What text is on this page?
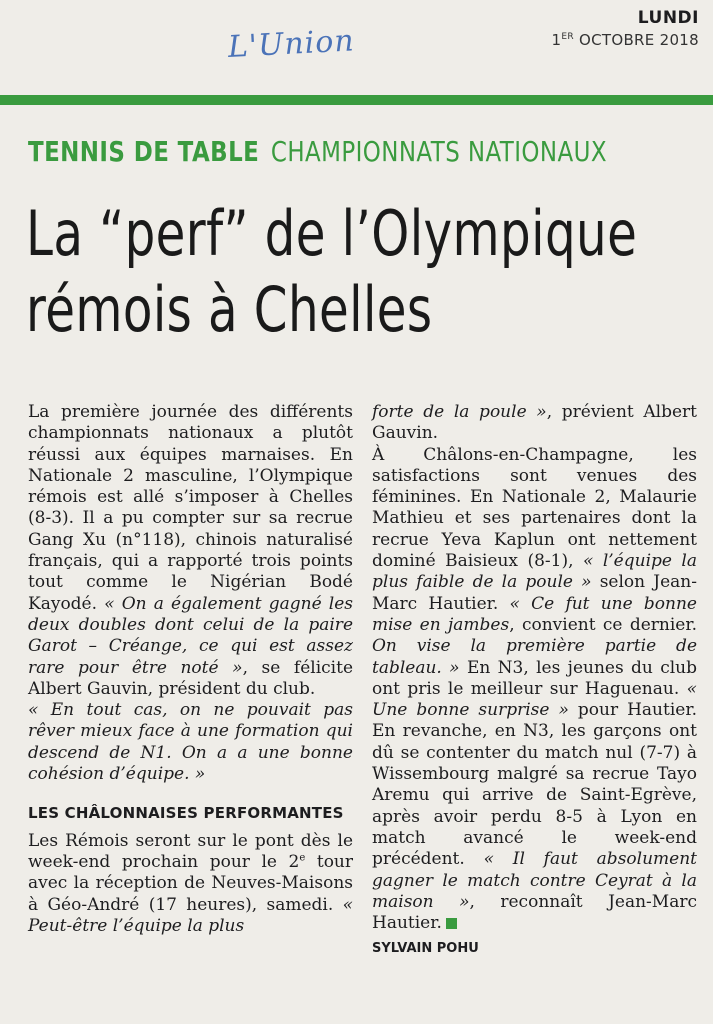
L'Union
LUNDI
1ER OCTOBRE 2018
TENNIS DE TABLE CHAMPIONNATS NATIONAUX
La “perf” de l’Olympique
rémois à Chelles

La première journée des différents championnats nationaux a plutôt réussi aux équipes marnaises. En Nationale 2 masculine, l’Olympique rémois est allé s’imposer à Chelles (8-3). Il a pu compter sur sa recrue Gang Xu (n°118), chinois naturalisé français, qui a rapporté trois points tout comme le Nigérian Bodé Kayodé. « On a également gagné les deux doubles dont celui de la paire Garot – Créange, ce qui est assez rare pour être noté », se félicite Albert Gauvin, président du club.

« En tout cas, on ne pouvait pas rêver mieux face à une formation qui descend de N1. On a a une bonne cohésion d’équipe. »

LES CHÂLONNAISES PERFORMANTES

Les Rémois seront sur le pont dès le week-end prochain pour le 2e tour avec la réception de Neuves-Maisons à Géo-André (17 heures), samedi. « Peut-être l’équipe la plus

forte de la poule », prévient Albert Gauvin.

À Châlons-en-Champagne, les satisfactions sont venues des féminines. En Nationale 2, Malaurie Mathieu et ses partenaires dont la recrue Yeva Kaplun ont nettement dominé Baisieux (8-1), « l’équipe la plus faible de la poule » selon Jean-Marc Hautier. « Ce fut une bonne mise en jambes, convient ce dernier. On vise la première partie de tableau. » En N3, les jeunes du club ont pris le meilleur sur Haguenau. « Une bonne surprise » pour Hautier. En revanche, en N3, les garçons ont dû se contenter du match nul (7-7) à Wissembourg malgré sa recrue Tayo Aremu qui arrive de Saint-Egrève, après avoir perdu 8-5 à Lyon en match avancé le week-end précédent. « Il faut absolument gagner le match contre Ceyrat à la maison », reconnaît Jean-Marc Hautier.

SYLVAIN POHU
